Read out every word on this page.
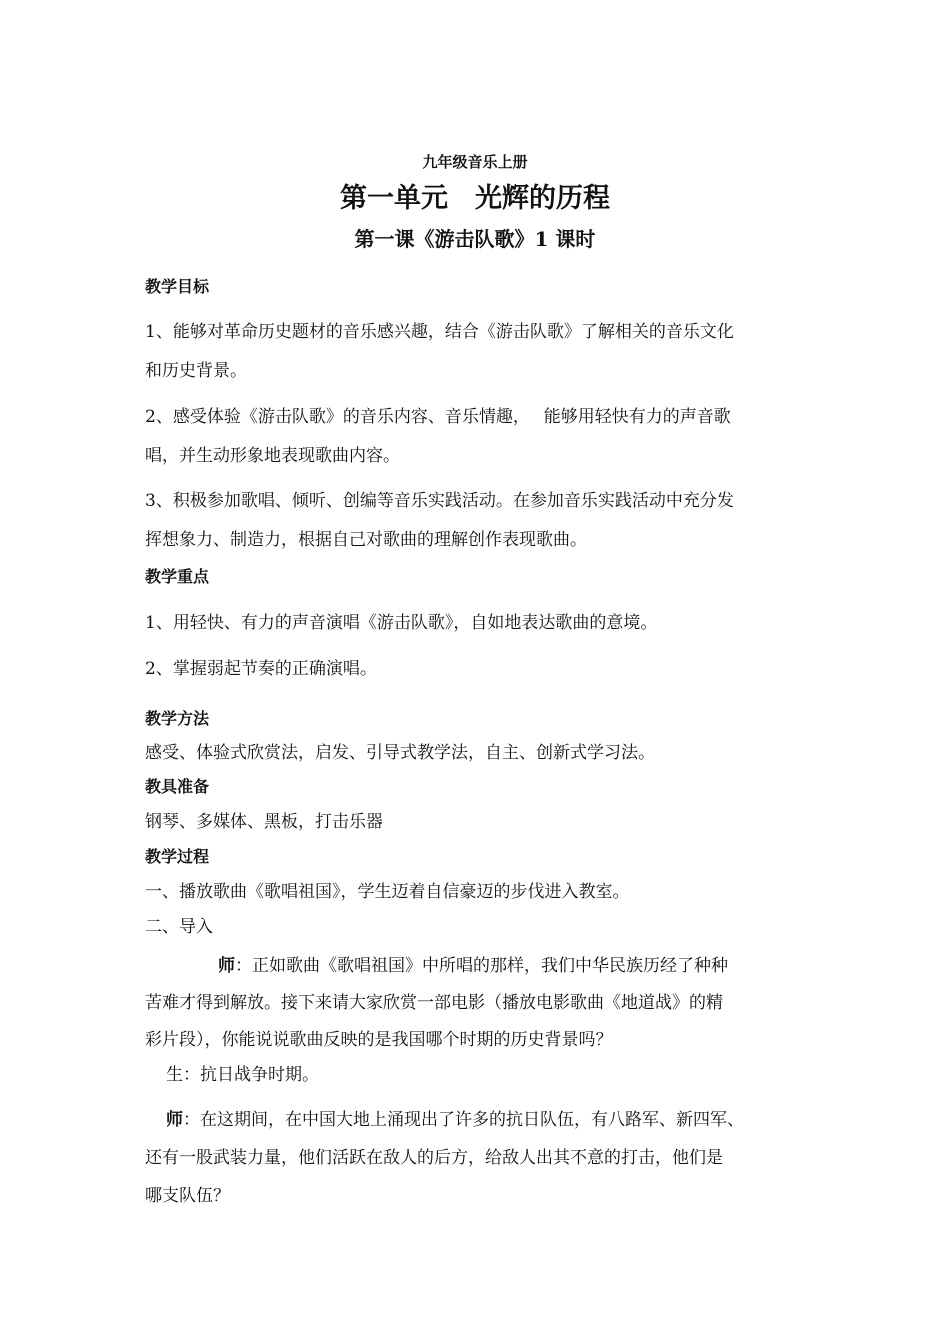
九年级音乐上册
第一单元　光辉的历程
第一课《游击队歌》1 课时
教学目标
1、能够对革命历史题材的音乐感兴趣，结合《游击队歌》了解相关的音乐文化
和历史背景。
2、感受体验《游击队歌》的音乐内容、音乐情趣，　 能够用轻快有力的声音歌
唱，并生动形象地表现歌曲内容。
3、积极参加歌唱、倾听、创编等音乐实践活动。在参加音乐实践活动中充分发
挥想象力、制造力，根据自己对歌曲的理解创作表现歌曲。
教学重点
1、用轻快、有力的声音演唱《游击队歌》，自如地表达歌曲的意境。
2、掌握弱起节奏的正确演唱。
教学方法
感受、体验式欣赏法，启发、引导式教学法，自主、创新式学习法。
教具准备
钢琴、多媒体、黑板，打击乐器
教学过程
一、播放歌曲《歌唱祖国》，学生迈着自信豪迈的步伐进入教室。
二、导入
师：正如歌曲《歌唱祖国》中所唱的那样，我们中华民族历经了种种
苦难才得到解放。接下来请大家欣赏一部电影（播放电影歌曲《地道战》的精
彩片段），你能说说歌曲反映的是我国哪个时期的历史背景吗？
生：抗日战争时期。
师：在这期间，在中国大地上涌现出了许多的抗日队伍，有八路军、新四军、
还有一股武装力量，他们活跃在敌人的后方，给敌人出其不意的打击，他们是
哪支队伍？
